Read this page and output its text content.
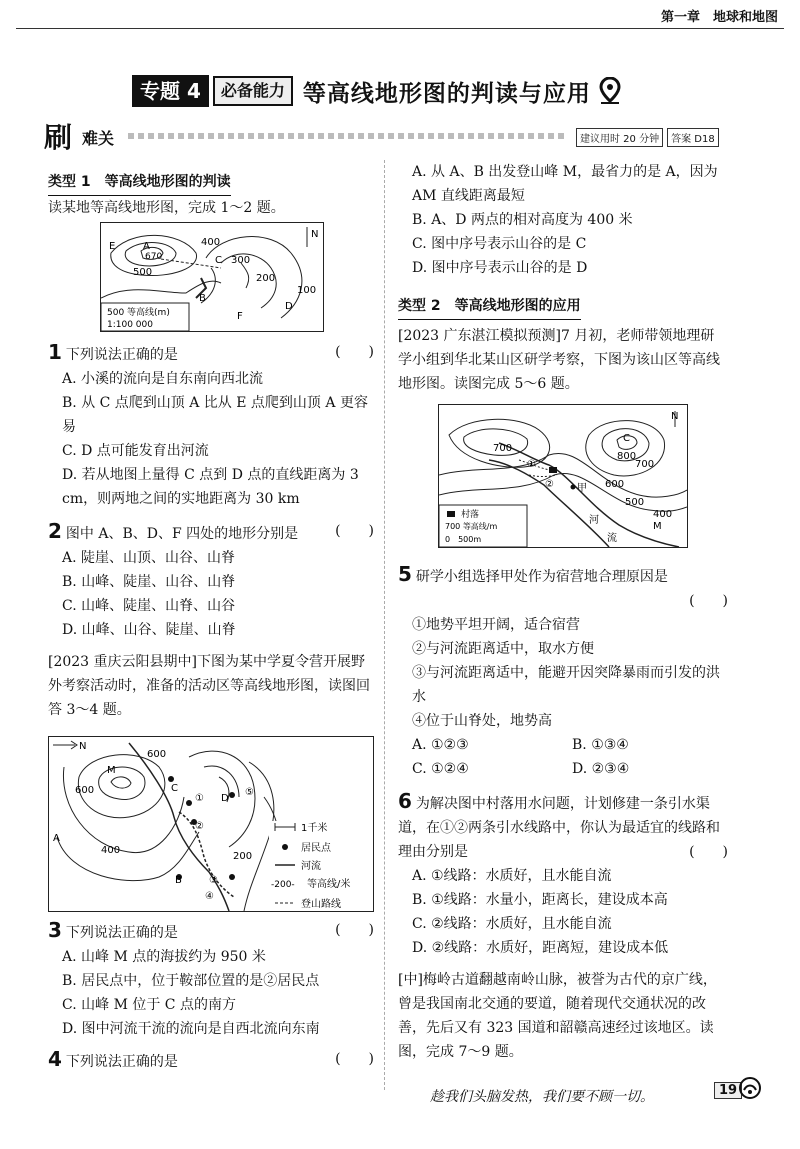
第一章　地球和地图
专题 4	必备能力 等高线地形图的判读与应用
刷 难关	建议用时 20 分钟	答案 D18
类型 1　等高线地形图的判读
读某地等高线地形图，完成 1～2 题。
500 等高线(m)
1:100 000
E	A
670
400
500
C 300
200
100
B
D
F
N
1 下列说法正确的是	(　　)
A. 小溪的流向是自东南向西北流
B. 从 C 点爬到山顶 A 比从 E 点爬到山顶 A 更容易
C. D 点可能发育出河流
D. 若从地图上量得 C 点到 D 点的直线距离为 3 cm，则两地之间的实地距离为 30 km
2 图中 A、B、D、F 四处的地形分别是	(　　)
A. 陡崖、山顶、山谷、山脊
B. 山峰、陡崖、山谷、山脊
C. 山峰、陡崖、山脊、山谷
D. 山峰、山谷、陡崖、山脊
[2023 重庆云阳县期中]下图为某中学夏令营开展野外考察活动时，准备的活动区等高线地形图，读图回答 3～4 题。
N
600
M
600	C
D
⑤
①
②
③
④
A
400
B
200
1千米
居民点
河流
-200- 等高线/米
登山路线
3 下列说法正确的是	(　　)
A. 山峰 M 点的海拔约为 950 米
B. 居民点中，位于鞍部位置的是②居民点
C. 山峰 M 位于 C 点的南方
D. 图中河流干流的流向是自西北流向东南
4 下列说法正确的是	(　　)
A. 从 A、B 出发登山峰 M，最省力的是 A，因为 AM 直线距离最短
B. A、D 两点的相对高度为 400 米
C. 图中序号表示山谷的是 C
D. 图中序号表示山谷的是 D
类型 2　等高线地形图的应用
[2023 广东湛江模拟预测]7 月初，老师带领地理研学小组到华北某山区研学考察，下图为该山区等高线地形图。读图完成 5～6 题。
N
C
800
700
700
①
② 甲 600
500
400
M
河
流
村落
700 等高线/m
0　500m
5 研学小组选择甲处作为宿营地合理原因是
(　　)
①地势平坦开阔，适合宿营
②与河流距离适中，取水方便
③与河流距离适中，能避开因突降暴雨而引发的洪水
④位于山脊处，地势高
A. ①②③	B. ①③④
C. ①②④	D. ②③④
6 为解决图中村落用水问题，计划修建一条引水渠道，在①②两条引水线路中，你认为最适宜的线路和理由分别是	(　　)
A. ①线路：水质好，且水能自流
B. ①线路：水量小，距离长，建设成本高
C. ②线路：水质好，且水能自流
D. ②线路：水质好，距离短，建设成本低
[中]梅岭古道翻越南岭山脉，被誉为古代的京广线，曾是我国南北交通的要道，随着现代交通状况的改善，先后又有 323 国道和韶赣高速经过该地区。读图，完成 7～9 题。
趁我们头脑发热，我们要不顾一切。	19
